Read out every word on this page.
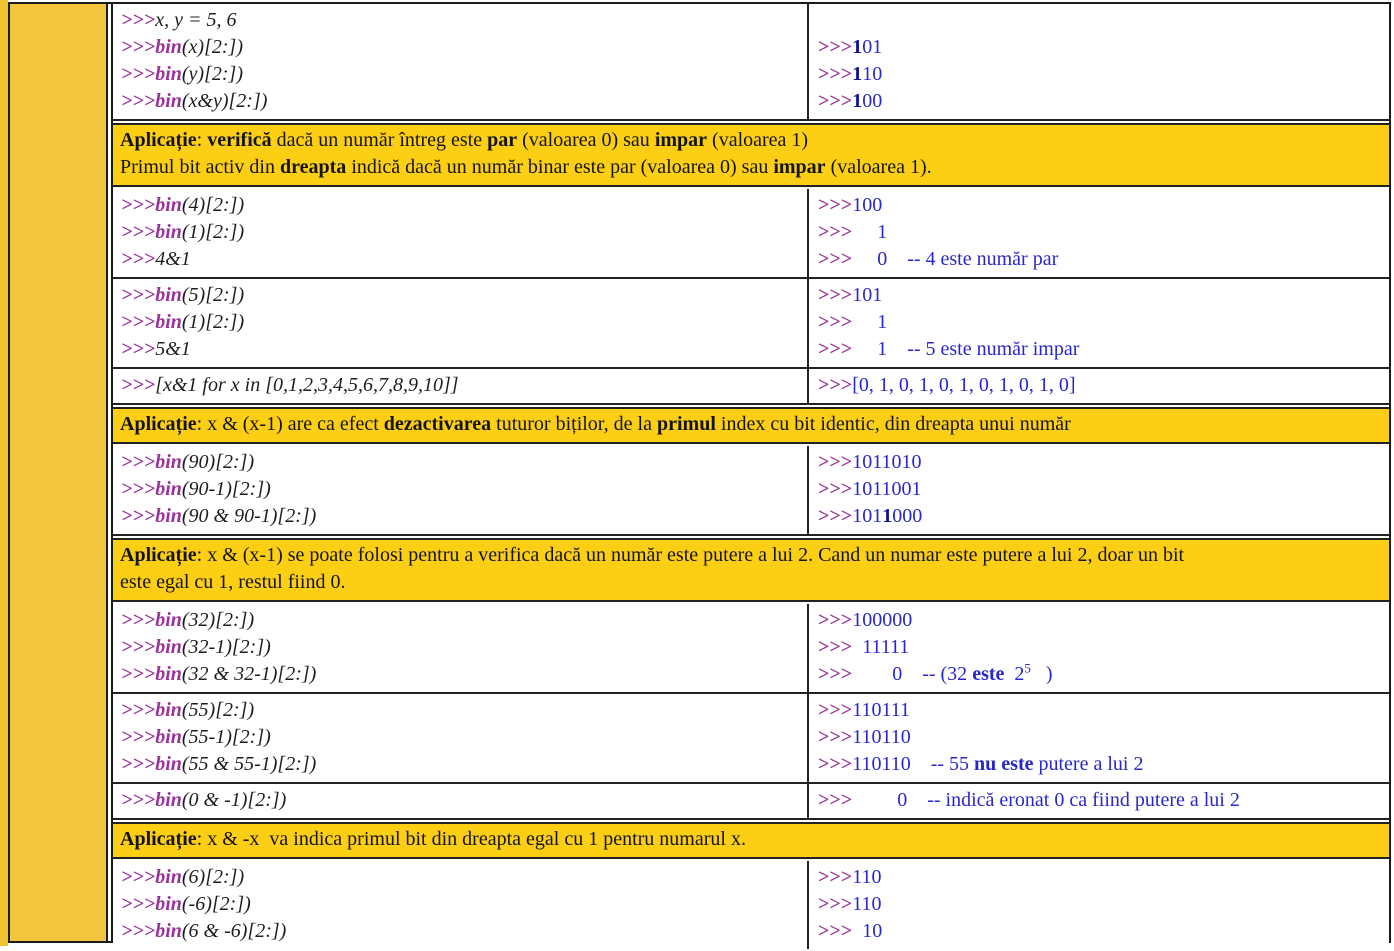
>>>x, y = 5, 6
>>>bin(x)[2:])
>>>bin(y)[2:])
>>>bin(x&y)[2:])

>>>101
>>>110
>>>100
Aplicație: verifică dacă un număr întreg este par (valoarea 0) sau impar (valoarea 1)
Primul bit activ din dreapta indică dacă un număr binar este par (valoarea 0) sau impar (valoarea 1).
>>>bin(4)[2:])
>>>bin(1)[2:])
>>>4&1
>>>100
>>>     1
>>>     0    -- 4 este număr par
>>>bin(5)[2:])
>>>bin(1)[2:])
>>>5&1
>>>101
>>>     1
>>>     1    -- 5 este număr impar
>>>[x&1 for x in [0,1,2,3,4,5,6,7,8,9,10]]	>>>[0, 1, 0, 1, 0, 1, 0, 1, 0, 1, 0]
Aplicație: x & (x-1) are ca efect dezactivarea tuturor biților, de la primul index cu bit identic, din dreapta unui număr
>>>bin(90)[2:])
>>>bin(90-1)[2:])
>>>bin(90 & 90-1)[2:])
>>>1011010
>>>1011001
>>>1011000
Aplicație: x & (x-1) se poate folosi pentru a verifica dacă un număr este putere a lui 2. Cand un numar este putere a lui 2, doar un bit
este egal cu 1, restul fiind 0.
>>>bin(32)[2:])
>>>bin(32-1)[2:])
>>>bin(32 & 32-1)[2:])
>>>100000
>>>  11111
>>>        0    -- (32 este  $2^5$   )
>>>bin(55)[2:])
>>>bin(55-1)[2:])
>>>bin(55 & 55-1)[2:])
>>>110111
>>>110110
>>>110110    -- 55 nu este putere a lui 2
>>>bin(0 & -1)[2:])	>>>         0    -- indică eronat 0 ca fiind putere a lui 2
Aplicație: x & -x  va indica primul bit din dreapta egal cu 1 pentru numarul x.
>>>bin(6)[2:])
>>>bin(-6)[2:])
>>>bin(6 & -6)[2:])
>>>110
>>>110
>>>  10
